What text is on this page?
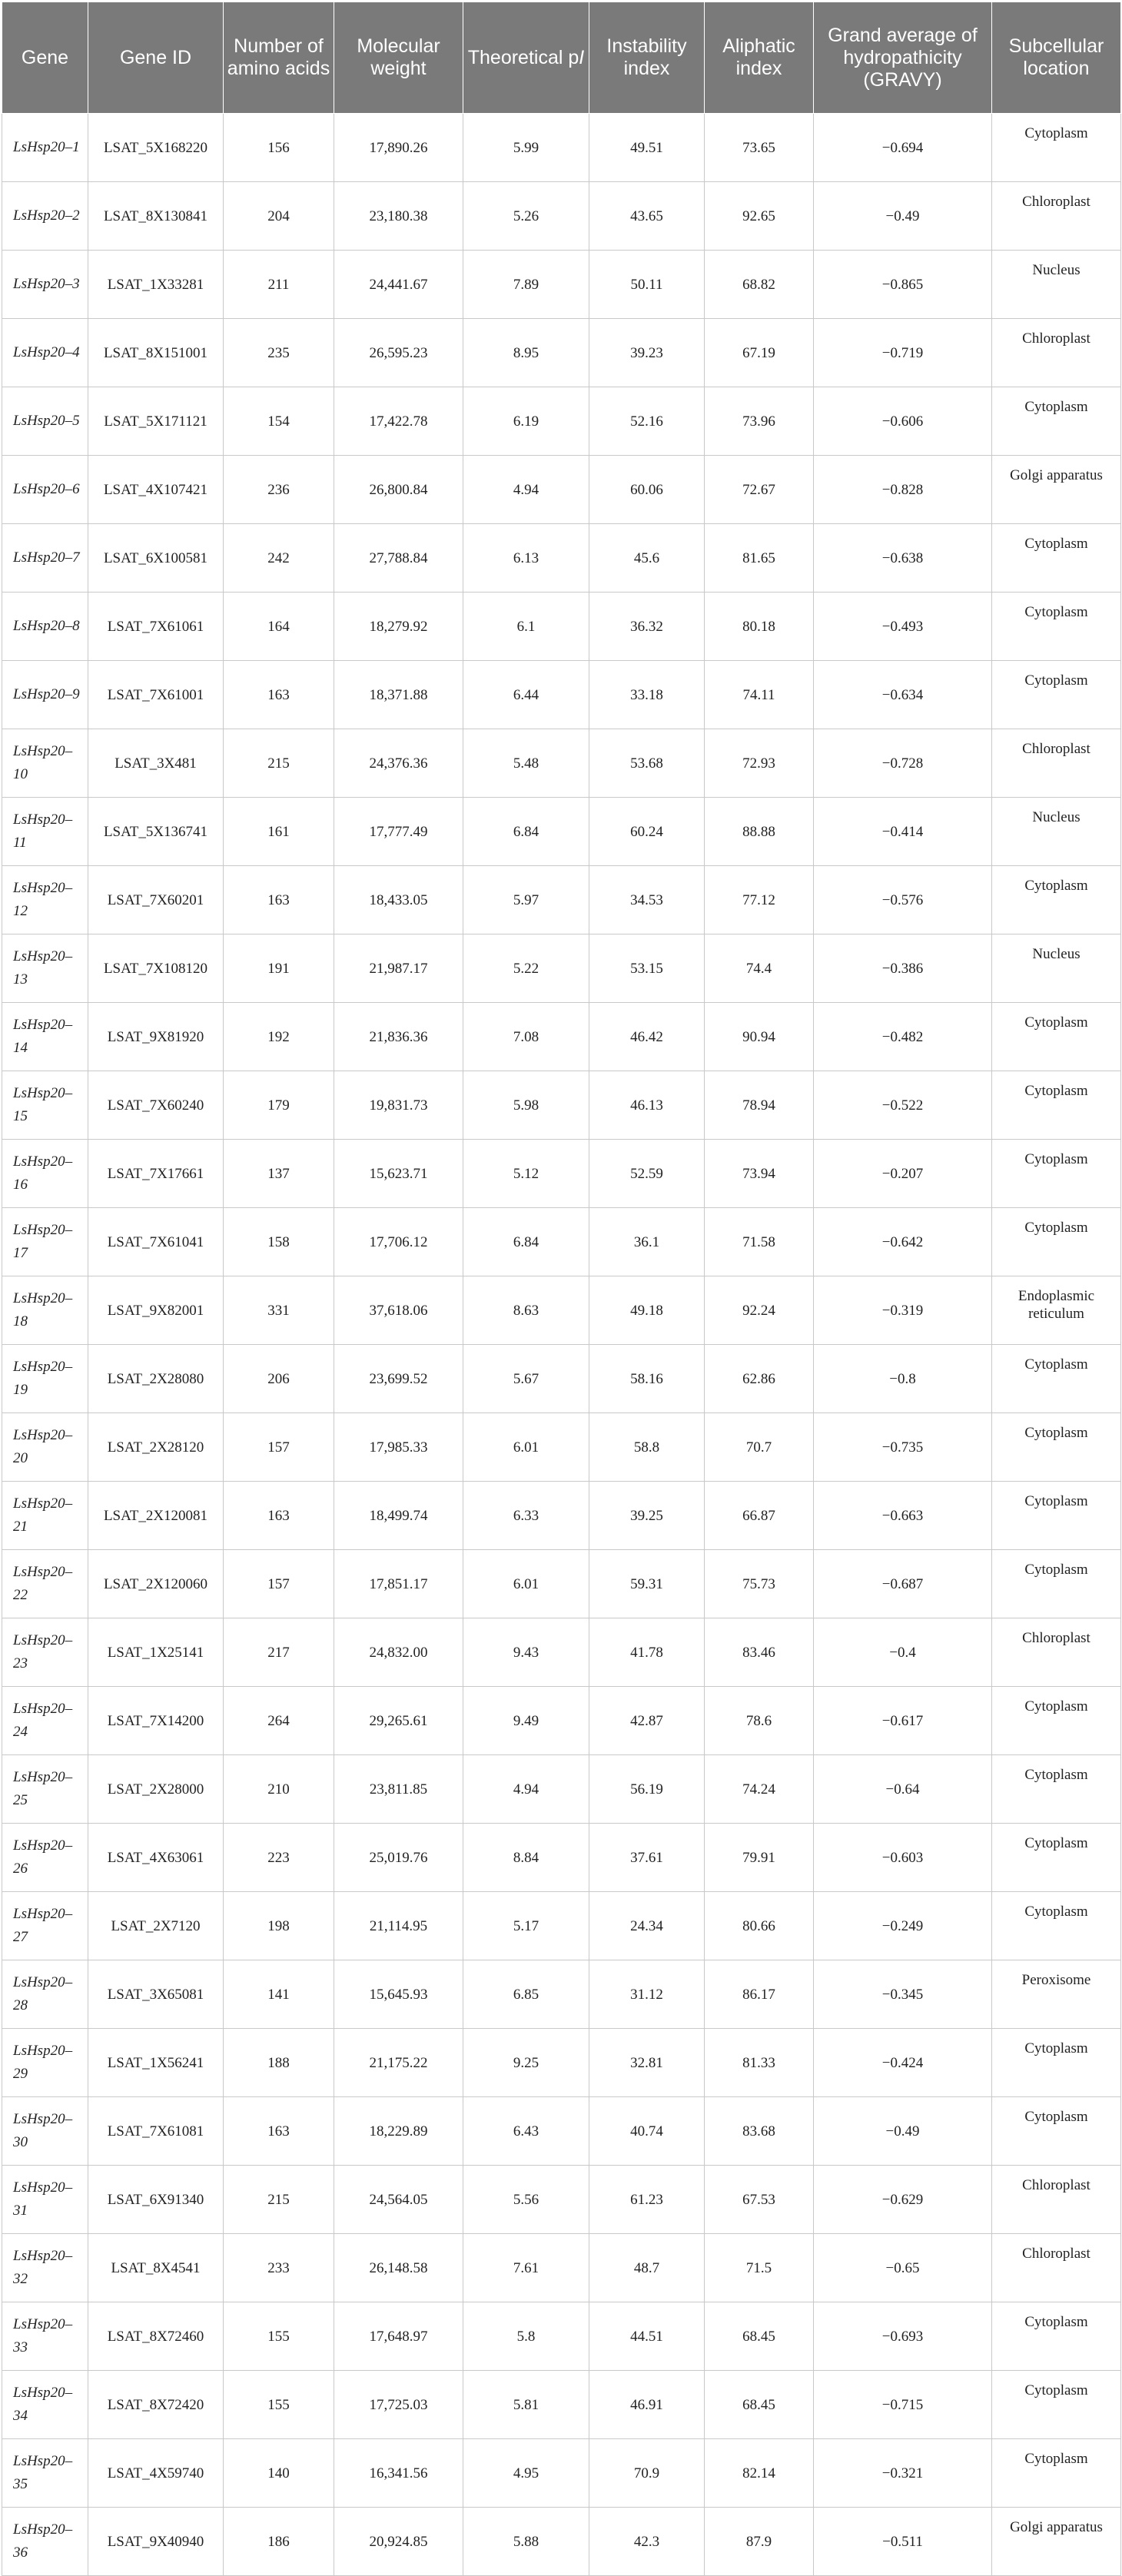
Gene	Gene ID	Number of amino acids	Molecular weight	Theoretical pI	Instability index	Aliphatic index	Grand average of hydropathicity (GRAVY)	Subcellular location
LsHsp20–1	LSAT_5X168220	156	17,890.26	5.99	49.51	73.65	−0.694	Cytoplasm
LsHsp20–2	LSAT_8X130841	204	23,180.38	5.26	43.65	92.65	−0.49	Chloroplast
LsHsp20–3	LSAT_1X33281	211	24,441.67	7.89	50.11	68.82	−0.865	Nucleus
LsHsp20–4	LSAT_8X151001	235	26,595.23	8.95	39.23	67.19	−0.719	Chloroplast
LsHsp20–5	LSAT_5X171121	154	17,422.78	6.19	52.16	73.96	−0.606	Cytoplasm
LsHsp20–6	LSAT_4X107421	236	26,800.84	4.94	60.06	72.67	−0.828	Golgi apparatus
LsHsp20–7	LSAT_6X100581	242	27,788.84	6.13	45.6	81.65	−0.638	Cytoplasm
LsHsp20–8	LSAT_7X61061	164	18,279.92	6.1	36.32	80.18	−0.493	Cytoplasm
LsHsp20–9	LSAT_7X61001	163	18,371.88	6.44	33.18	74.11	−0.634	Cytoplasm
LsHsp20–10	LSAT_3X481	215	24,376.36	5.48	53.68	72.93	−0.728	Chloroplast
LsHsp20–11	LSAT_5X136741	161	17,777.49	6.84	60.24	88.88	−0.414	Nucleus
LsHsp20–12	LSAT_7X60201	163	18,433.05	5.97	34.53	77.12	−0.576	Cytoplasm
LsHsp20–13	LSAT_7X108120	191	21,987.17	5.22	53.15	74.4	−0.386	Nucleus
LsHsp20–14	LSAT_9X81920	192	21,836.36	7.08	46.42	90.94	−0.482	Cytoplasm
LsHsp20–15	LSAT_7X60240	179	19,831.73	5.98	46.13	78.94	−0.522	Cytoplasm
LsHsp20–16	LSAT_7X17661	137	15,623.71	5.12	52.59	73.94	−0.207	Cytoplasm
LsHsp20–17	LSAT_7X61041	158	17,706.12	6.84	36.1	71.58	−0.642	Cytoplasm
LsHsp20–18	LSAT_9X82001	331	37,618.06	8.63	49.18	92.24	−0.319	Endoplasmic reticulum
LsHsp20–19	LSAT_2X28080	206	23,699.52	5.67	58.16	62.86	−0.8	Cytoplasm
LsHsp20–20	LSAT_2X28120	157	17,985.33	6.01	58.8	70.7	−0.735	Cytoplasm
LsHsp20–21	LSAT_2X120081	163	18,499.74	6.33	39.25	66.87	−0.663	Cytoplasm
LsHsp20–22	LSAT_2X120060	157	17,851.17	6.01	59.31	75.73	−0.687	Cytoplasm
LsHsp20–23	LSAT_1X25141	217	24,832.00	9.43	41.78	83.46	−0.4	Chloroplast
LsHsp20–24	LSAT_7X14200	264	29,265.61	9.49	42.87	78.6	−0.617	Cytoplasm
LsHsp20–25	LSAT_2X28000	210	23,811.85	4.94	56.19	74.24	−0.64	Cytoplasm
LsHsp20–26	LSAT_4X63061	223	25,019.76	8.84	37.61	79.91	−0.603	Cytoplasm
LsHsp20–27	LSAT_2X7120	198	21,114.95	5.17	24.34	80.66	−0.249	Cytoplasm
LsHsp20–28	LSAT_3X65081	141	15,645.93	6.85	31.12	86.17	−0.345	Peroxisome
LsHsp20–29	LSAT_1X56241	188	21,175.22	9.25	32.81	81.33	−0.424	Cytoplasm
LsHsp20–30	LSAT_7X61081	163	18,229.89	6.43	40.74	83.68	−0.49	Cytoplasm
LsHsp20–31	LSAT_6X91340	215	24,564.05	5.56	61.23	67.53	−0.629	Chloroplast
LsHsp20–32	LSAT_8X4541	233	26,148.58	7.61	48.7	71.5	−0.65	Chloroplast
LsHsp20–33	LSAT_8X72460	155	17,648.97	5.8	44.51	68.45	−0.693	Cytoplasm
LsHsp20–34	LSAT_8X72420	155	17,725.03	5.81	46.91	68.45	−0.715	Cytoplasm
LsHsp20–35	LSAT_4X59740	140	16,341.56	4.95	70.9	82.14	−0.321	Cytoplasm
LsHsp20–36	LSAT_9X40940	186	20,924.85	5.88	42.3	87.9	−0.511	Golgi apparatus
